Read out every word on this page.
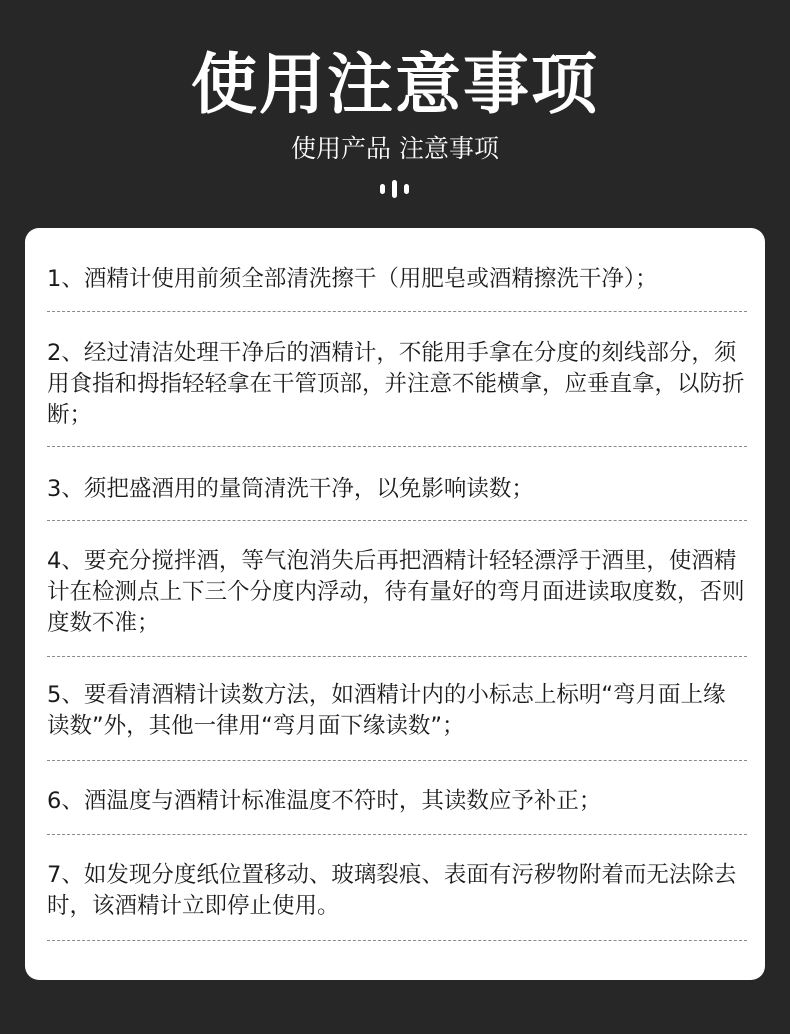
使用注意事项
使用产品 注意事项
1、酒精计使用前须全部清洗擦干（用肥皂或酒精擦洗干净）；
2、经过清洁处理干净后的酒精计，不能用手拿在分度的刻线部分，须用食指和拇指轻轻拿在干管顶部，并注意不能横拿，应垂直拿，以防折断；
3、须把盛酒用的量筒清洗干净，以免影响读数；
4、要充分搅拌酒，等气泡消失后再把酒精计轻轻漂浮于酒里，使酒精计在检测点上下三个分度内浮动，待有量好的弯月面进读取度数，否则度数不准；
5、要看清酒精计读数方法，如酒精计内的小标志上标明“弯月面上缘读数”外，其他一律用“弯月面下缘读数”；
6、酒温度与酒精计标准温度不符时，其读数应予补正；
7、如发现分度纸位置移动、玻璃裂痕、表面有污秽物附着而无法除去时，该酒精计立即停止使用。
